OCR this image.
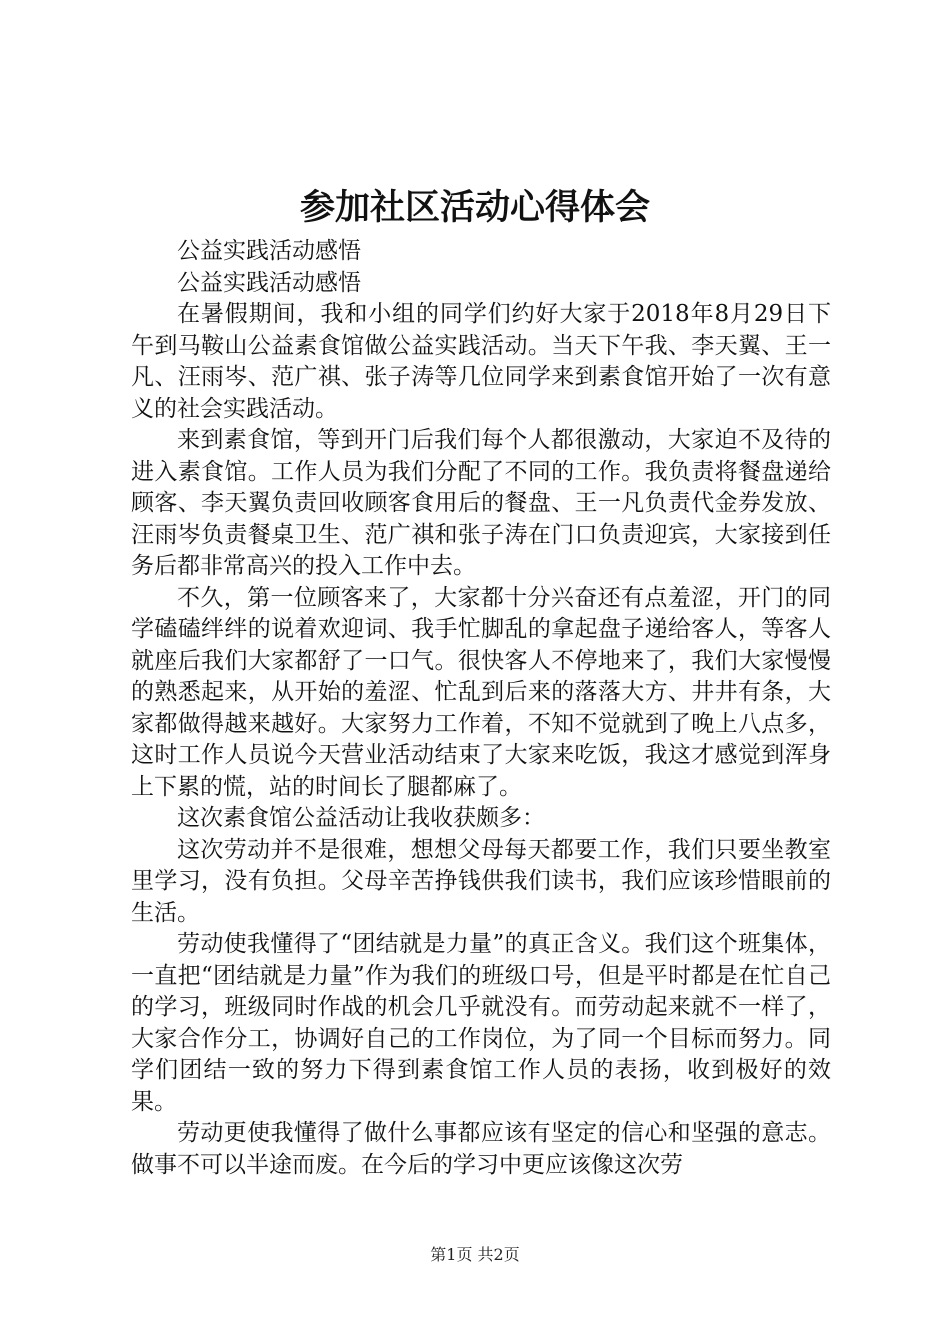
参加社区活动心得体会

公益实践活动感悟

公益实践活动感悟

在暑假期间，我和小组的同学们约好大家于2018年8月29日下午到马鞍山公益素食馆做公益实践活动。当天下午我、李天翼、王一凡、汪雨岑、范广祺、张子涛等几位同学来到素食馆开始了一次有意义的社会实践活动。

来到素食馆，等到开门后我们每个人都很激动，大家迫不及待的进入素食馆。工作人员为我们分配了不同的工作。我负责将餐盘递给顾客、李天翼负责回收顾客食用后的餐盘、王一凡负责代金券发放、汪雨岑负责餐桌卫生、范广祺和张子涛在门口负责迎宾，大家接到任务后都非常高兴的投入工作中去。

不久，第一位顾客来了，大家都十分兴奋还有点羞涩，开门的同学磕磕绊绊的说着欢迎词、我手忙脚乱的拿起盘子递给客人，等客人就座后我们大家都舒了一口气。很快客人不停地来了，我们大家慢慢的熟悉起来，从开始的羞涩、忙乱到后来的落落大方、井井有条，大家都做得越来越好。大家努力工作着，不知不觉就到了晚上八点多，这时工作人员说今天营业活动结束了大家来吃饭，我这才感觉到浑身上下累的慌，站的时间长了腿都麻了。

这次素食馆公益活动让我收获颇多：

这次劳动并不是很难，想想父母每天都要工作，我们只要坐教室里学习，没有负担。父母辛苦挣钱供我们读书，我们应该珍惜眼前的生活。

劳动使我懂得了“团结就是力量”的真正含义。我们这个班集体，一直把“团结就是力量”作为我们的班级口号，但是平时都是在忙自己的学习，班级同时作战的机会几乎就没有。而劳动起来就不一样了，大家合作分工，协调好自己的工作岗位，为了同一个目标而努力。同学们团结一致的努力下得到素食馆工作人员的表扬，收到极好的效果。

劳动更使我懂得了做什么事都应该有坚定的信心和坚强的意志。做事不可以半途而废。在今后的学习中更应该像这次劳

第1页 共2页
